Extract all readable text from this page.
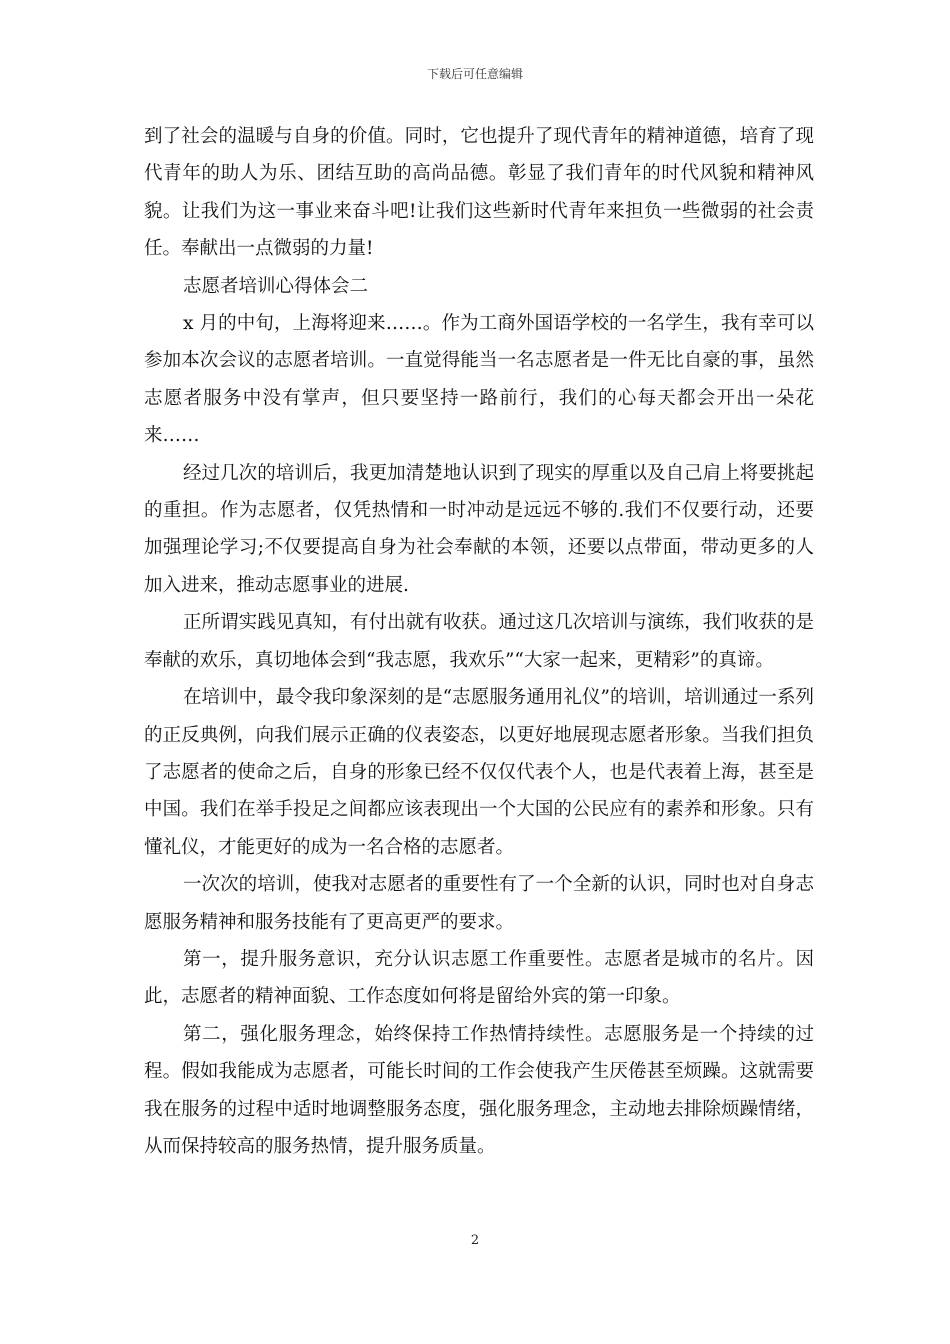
下载后可任意编辑

到了社会的温暖与自身的价值。同时，它也提升了现代青年的精神道德，培育了现代青年的助人为乐、团结互助的高尚品德。彰显了我们青年的时代风貌和精神风貌。让我们为这一事业来奋斗吧!让我们这些新时代青年来担负一些微弱的社会责任。奉献出一点微弱的力量!

志愿者培训心得体会二

x 月的中旬，上海将迎来……。作为工商外国语学校的一名学生，我有幸可以参加本次会议的志愿者培训。一直觉得能当一名志愿者是一件无比自豪的事，虽然志愿者服务中没有掌声，但只要坚持一路前行，我们的心每天都会开出一朵花来……

经过几次的培训后，我更加清楚地认识到了现实的厚重以及自己肩上将要挑起的重担。作为志愿者，仅凭热情和一时冲动是远远不够的.我们不仅要行动，还要加强理论学习;不仅要提高自身为社会奉献的本领，还要以点带面，带动更多的人加入进来，推动志愿事业的进展.

正所谓实践见真知，有付出就有收获。通过这几次培训与演练，我们收获的是奉献的欢乐，真切地体会到“我志愿，我欢乐”“大家一起来，更精彩”的真谛。

在培训中，最令我印象深刻的是“志愿服务通用礼仪”的培训，培训通过一系列的正反典例，向我们展示正确的仪表姿态，以更好地展现志愿者形象。当我们担负了志愿者的使命之后，自身的形象已经不仅仅代表个人，也是代表着上海，甚至是中国。我们在举手投足之间都应该表现出一个大国的公民应有的素养和形象。只有懂礼仪，才能更好的成为一名合格的志愿者。

一次次的培训，使我对志愿者的重要性有了一个全新的认识，同时也对自身志愿服务精神和服务技能有了更高更严的要求。

第一，提升服务意识，充分认识志愿工作重要性。志愿者是城市的名片。因此，志愿者的精神面貌、工作态度如何将是留给外宾的第一印象。

第二，强化服务理念，始终保持工作热情持续性。志愿服务是一个持续的过程。假如我能成为志愿者，可能长时间的工作会使我产生厌倦甚至烦躁。这就需要我在服务的过程中适时地调整服务态度，强化服务理念，主动地去排除烦躁情绪，从而保持较高的服务热情，提升服务质量。

2
